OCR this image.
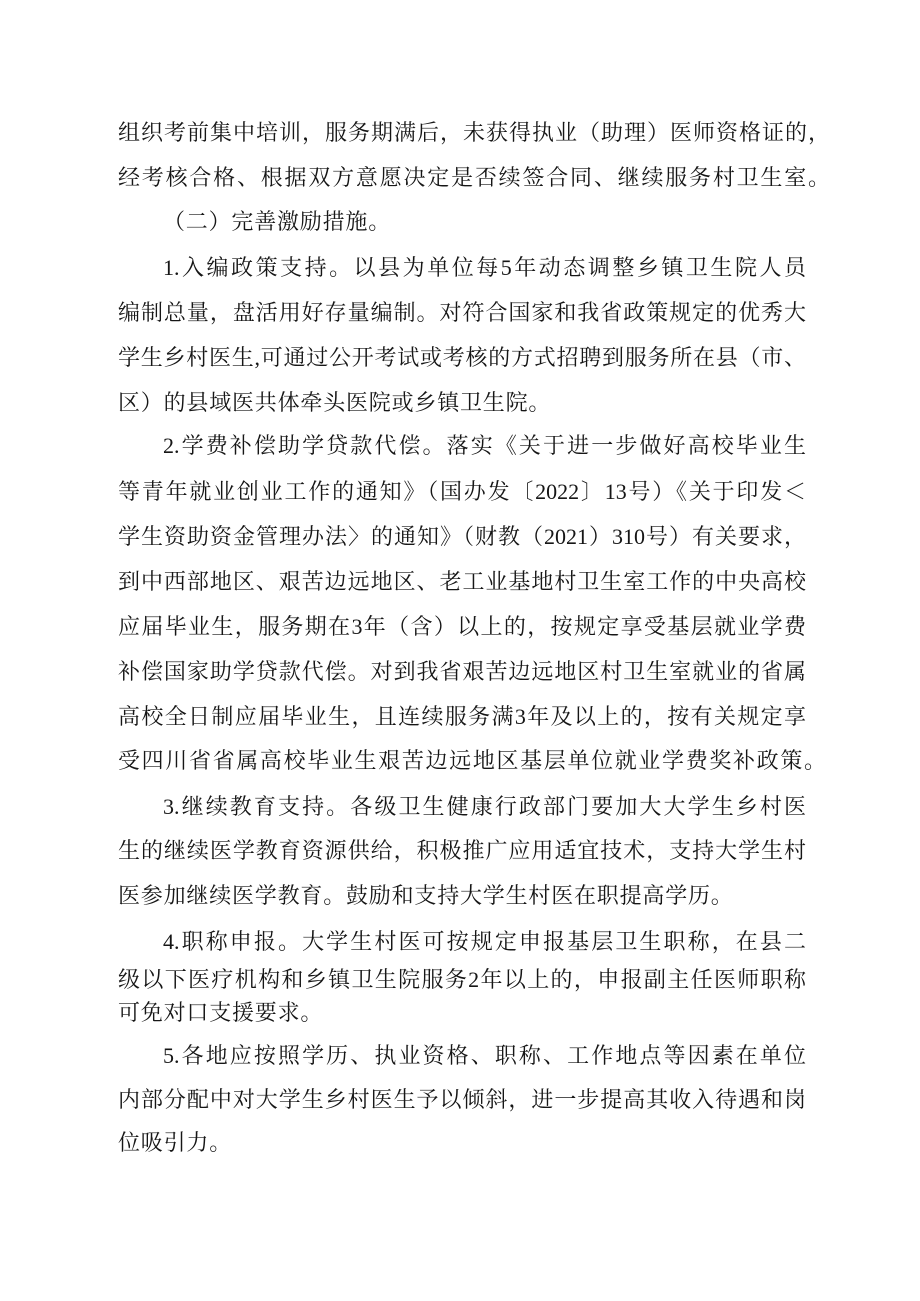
组织考前集中培训，服务期满后，未获得执业（助理）医师资格证的，
经考核合格、根据双方意愿决定是否续签合同、继续服务村卫生室。
（二）完善激励措施。
1.入编政策支持。以县为单位每5年动态调整乡镇卫生院人员
编制总量，盘活用好存量编制。对符合国家和我省政策规定的优秀大
学生乡村医生,可通过公开考试或考核的方式招聘到服务所在县（市、
区）的县域医共体牵头医院或乡镇卫生院。
2.学费补偿助学贷款代偿。落实《关于进一步做好高校毕业生
等青年就业创业工作的通知》（国办发〔2022〕13号）《关于印发＜
学生资助资金管理办法〉的通知》（财教（2021）310号）有关要求，
到中西部地区、艰苦边远地区、老工业基地村卫生室工作的中央高校
应届毕业生，服务期在3年（含）以上的，按规定享受基层就业学费
补偿国家助学贷款代偿。对到我省艰苦边远地区村卫生室就业的省属
高校全日制应届毕业生，且连续服务满3年及以上的，按有关规定享
受四川省省属高校毕业生艰苦边远地区基层单位就业学费奖补政策。
3.继续教育支持。各级卫生健康行政部门要加大大学生乡村医
生的继续医学教育资源供给，积极推广应用适宜技术，支持大学生村
医参加继续医学教育。鼓励和支持大学生村医在职提高学历。
4.职称申报。大学生村医可按规定申报基层卫生职称，在县二
级以下医疗机构和乡镇卫生院服务2年以上的，申报副主任医师职称
可免对口支援要求。
5.各地应按照学历、执业资格、职称、工作地点等因素在单位
内部分配中对大学生乡村医生予以倾斜，进一步提高其收入待遇和岗
位吸引力。
